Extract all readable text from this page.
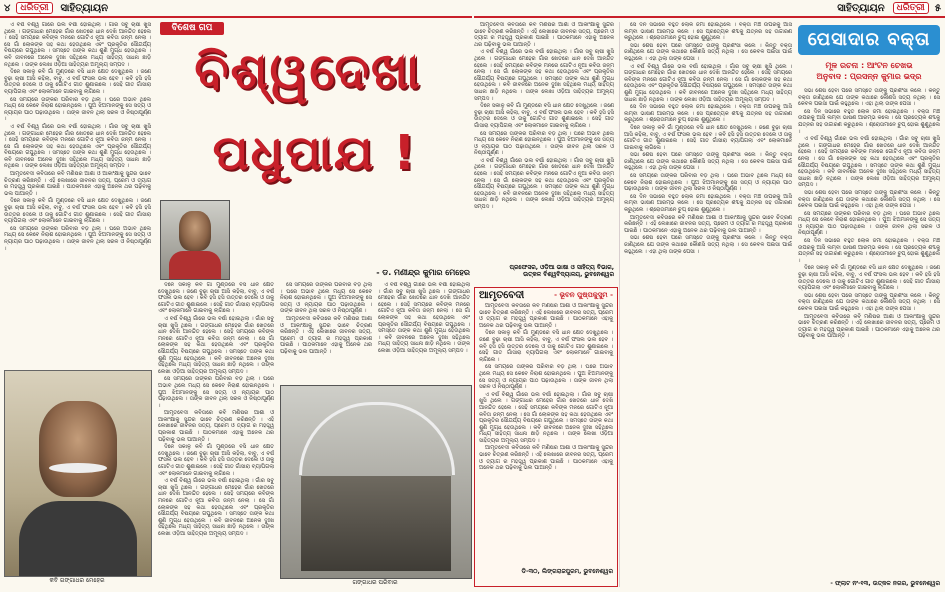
୪	ଧରିତ୍ରୀ	ସାହିତ୍ୟାୟନ	ସାହିତ୍ୟାୟନ	ଧରିତ୍ରୀ	୫

ଏ ବର୍ଷ ବିଶ୍ୱ ଗାଁରେ ଭଲ ବର୍ଷା ହୋଇଥିଲା । ଗାଁର ସବୁ ଚାଷୀ ଖୁସି ଥିଲେ । ଗଙ୍ଗାଧର ମେହେର ଗାଁର ଖେତରେ ଧାନ ଦେଖି ଆନନ୍ଦିତ ହେଲେ । ସେହି ସମୟରେ କବିଙ୍କ ମନରେ ଗୋଟିଏ ନୂଆ କବିତା ଜନ୍ମ ନେଲା । ସେ ଗାଁ ଲୋକଙ୍କ ସହ କଥା ହେଉଥିଲେ ଏବଂ ପ୍ରକୃତିର ସୌନ୍ଦର୍ଯ୍ୟ ବିଷୟରେ ଗପୁଥିଲେ । ସମସ୍ତେ ତାଙ୍କ କଥା ଶୁଣି ମୁଗ୍ଧ ହେଉଥିଲେ । କବି ଜୀବନରେ ଅନେକ ଦୁଃଖ ସହିଥିଲେ ମଧ୍ୟ ସାହିତ୍ୟ ସାଧନା ଛାଡ଼ି ନଥିଲେ । ତାଙ୍କ ଲେଖା ଓଡ଼ିଆ ସାହିତ୍ୟର ଅମୂଲ୍ୟ ସମ୍ପଦ ।

ଦିନେ ସକାଳୁ କବି ଗାଁ ମୁଣ୍ଡରେ ବସି ଧାନ କ୍ଷେତ ଦେଖୁଥିଲେ । ଜଣେ ବୁଢ଼ା ଚାଷୀ ଆସି କହିଲା, ବାବୁ, ଏ ବର୍ଷ ଫସଲ ଭଲ ହେବ । କବି ହସି ହସି ଉତ୍ତର ଦେଲେ ଓ ତାକୁ ଗୋଟିଏ ଗୀତ ଶୁଣାଇଲେ । ସେହି ଗୀତ ଗାଁସାରା ବ୍ୟାପିଗଲା ଏବଂ ଲୋକମାନେ ଗାଇବାକୁ ଲାଗିଲେ ।

ସେ ସମୟରେ ତାଙ୍କର ପରିବାର ବଡ଼ ଥିଲା । ଘରେ ଅଭାବ ଥିଲେ ମଧ୍ୟ ସେ କେବେ ନିରାଶ ହୋଇନଥିଲେ । ପୁଅ ଝିଅମାନଙ୍କୁ ସେ ସତ୍ୟ ଓ ନ୍ୟାୟର ପାଠ ପଢ଼ାଉଥିଲେ । ତାଙ୍କ ଜୀବନ ଥିଲା ସରଳ ଓ ନିଷ୍ଠାପୂର୍ଣ୍ଣ ।

ଏ ବର୍ଷ ବିଶ୍ୱ ଗାଁରେ ଭଲ ବର୍ଷା ହୋଇଥିଲା । ଗାଁର ସବୁ ଚାଷୀ ଖୁସି ଥିଲେ । ଗଙ୍ଗାଧର ମେହେର ଗାଁର ଖେତରେ ଧାନ ଦେଖି ଆନନ୍ଦିତ ହେଲେ । ସେହି ସମୟରେ କବିଙ୍କ ମନରେ ଗୋଟିଏ ନୂଆ କବିତା ଜନ୍ମ ନେଲା । ସେ ଗାଁ ଲୋକଙ୍କ ସହ କଥା ହେଉଥିଲେ ଏବଂ ପ୍ରକୃତିର ସୌନ୍ଦର୍ଯ୍ୟ ବିଷୟରେ ଗପୁଥିଲେ । ସମସ୍ତେ ତାଙ୍କ କଥା ଶୁଣି ମୁଗ୍ଧ ହେଉଥିଲେ । କବି ଜୀବନରେ ଅନେକ ଦୁଃଖ ସହିଥିଲେ ମଧ୍ୟ ସାହିତ୍ୟ ସାଧନା ଛାଡ଼ି ନଥିଲେ । ତାଙ୍କ ଲେଖା ଓଡ଼ିଆ ସାହିତ୍ୟର ଅମୂଲ୍ୟ ସମ୍ପଦ ।

ଆମୃତବେଦୀ କବିତାରେ କବି ମଣିଷର ଆଶା ଓ ଆକାଂକ୍ଷାକୁ ସୁନ୍ଦର ଭାବେ ଚିତ୍ରଣ କରିଛନ୍ତି । ଏହି ଲେଖାରେ ଜୀବନର ସତ୍ୟ, ପ୍ରେମ ଓ ତ୍ୟାଗ ର ମହତ୍ତ୍ୱ ପ୍ରକାଶ ପାଇଛି । ପାଠକମାନେ ଏହାକୁ ଅନେକ ଥର ପଢ଼ିବାକୁ ଭଲ ପାଆନ୍ତି ।

ଦିନେ ସକାଳୁ କବି ଗାଁ ମୁଣ୍ଡରେ ବସି ଧାନ କ୍ଷେତ ଦେଖୁଥିଲେ । ଜଣେ ବୁଢ଼ା ଚାଷୀ ଆସି କହିଲା, ବାବୁ, ଏ ବର୍ଷ ଫସଲ ଭଲ ହେବ । କବି ହସି ହସି ଉତ୍ତର ଦେଲେ ଓ ତାକୁ ଗୋଟିଏ ଗୀତ ଶୁଣାଇଲେ । ସେହି ଗୀତ ଗାଁସାରା ବ୍ୟାପିଗଲା ଏବଂ ଲୋକମାନେ ଗାଇବାକୁ ଲାଗିଲେ ।

ସେ ସମୟରେ ତାଙ୍କର ପରିବାର ବଡ଼ ଥିଲା । ଘରେ ଅଭାବ ଥିଲେ ମଧ୍ୟ ସେ କେବେ ନିରାଶ ହୋଇନଥିଲେ । ପୁଅ ଝିଅମାନଙ୍କୁ ସେ ସତ୍ୟ ଓ ନ୍ୟାୟର ପାଠ ପଢ଼ାଉଥିଲେ । ତାଙ୍କ ଜୀବନ ଥିଲା ସରଳ ଓ ନିଷ୍ଠାପୂର୍ଣ୍ଣ ।

କବି ଗଙ୍ଗାଧର ମେହେର
ବିଶେଷ ଗପ
ବିଶ୍ୱଦେଖା
ପଧୁପାଯ !
- ଡ. ମଣୀନ୍ଦ୍ର କୁମାର ମେହେର

ଦିନେ ସକାଳୁ କବି ଗାଁ ମୁଣ୍ଡରେ ବସି ଧାନ କ୍ଷେତ ଦେଖୁଥିଲେ । ଜଣେ ବୁଢ଼ା ଚାଷୀ ଆସି କହିଲା, ବାବୁ, ଏ ବର୍ଷ ଫସଲ ଭଲ ହେବ । କବି ହସି ହସି ଉତ୍ତର ଦେଲେ ଓ ତାକୁ ଗୋଟିଏ ଗୀତ ଶୁଣାଇଲେ । ସେହି ଗୀତ ଗାଁସାରା ବ୍ୟାପିଗଲା ଏବଂ ଲୋକମାନେ ଗାଇବାକୁ ଲାଗିଲେ ।

ଏ ବର୍ଷ ବିଶ୍ୱ ଗାଁରେ ଭଲ ବର୍ଷା ହୋଇଥିଲା । ଗାଁର ସବୁ ଚାଷୀ ଖୁସି ଥିଲେ । ଗଙ୍ଗାଧର ମେହେର ଗାଁର ଖେତରେ ଧାନ ଦେଖି ଆନନ୍ଦିତ ହେଲେ । ସେହି ସମୟରେ କବିଙ୍କ ମନରେ ଗୋଟିଏ ନୂଆ କବିତା ଜନ୍ମ ନେଲା । ସେ ଗାଁ ଲୋକଙ୍କ ସହ କଥା ହେଉଥିଲେ ଏବଂ ପ୍ରକୃତିର ସୌନ୍ଦର୍ଯ୍ୟ ବିଷୟରେ ଗପୁଥିଲେ । ସମସ୍ତେ ତାଙ୍କ କଥା ଶୁଣି ମୁଗ୍ଧ ହେଉଥିଲେ । କବି ଜୀବନରେ ଅନେକ ଦୁଃଖ ସହିଥିଲେ ମଧ୍ୟ ସାହିତ୍ୟ ସାଧନା ଛାଡ଼ି ନଥିଲେ । ତାଙ୍କ ଲେଖା ଓଡ଼ିଆ ସାହିତ୍ୟର ଅମୂଲ୍ୟ ସମ୍ପଦ ।

ସେ ସମୟରେ ତାଙ୍କର ପରିବାର ବଡ଼ ଥିଲା । ଘରେ ଅଭାବ ଥିଲେ ମଧ୍ୟ ସେ କେବେ ନିରାଶ ହୋଇନଥିଲେ । ପୁଅ ଝିଅମାନଙ୍କୁ ସେ ସତ୍ୟ ଓ ନ୍ୟାୟର ପାଠ ପଢ଼ାଉଥିଲେ । ତାଙ୍କ ଜୀବନ ଥିଲା ସରଳ ଓ ନିଷ୍ଠାପୂର୍ଣ୍ଣ ।

ଆମୃତବେଦୀ କବିତାରେ କବି ମଣିଷର ଆଶା ଓ ଆକାଂକ୍ଷାକୁ ସୁନ୍ଦର ଭାବେ ଚିତ୍ରଣ କରିଛନ୍ତି । ଏହି ଲେଖାରେ ଜୀବନର ସତ୍ୟ, ପ୍ରେମ ଓ ତ୍ୟାଗ ର ମହତ୍ତ୍ୱ ପ୍ରକାଶ ପାଇଛି । ପାଠକମାନେ ଏହାକୁ ଅନେକ ଥର ପଢ଼ିବାକୁ ଭଲ ପାଆନ୍ତି ।

ଦିନେ ସକାଳୁ କବି ଗାଁ ମୁଣ୍ଡରେ ବସି ଧାନ କ୍ଷେତ ଦେଖୁଥିଲେ । ଜଣେ ବୁଢ଼ା ଚାଷୀ ଆସି କହିଲା, ବାବୁ, ଏ ବର୍ଷ ଫସଲ ଭଲ ହେବ । କବି ହସି ହସି ଉତ୍ତର ଦେଲେ ଓ ତାକୁ ଗୋଟିଏ ଗୀତ ଶୁଣାଇଲେ । ସେହି ଗୀତ ଗାଁସାରା ବ୍ୟାପିଗଲା ଏବଂ ଲୋକମାନେ ଗାଇବାକୁ ଲାଗିଲେ ।

ଏ ବର୍ଷ ବିଶ୍ୱ ଗାଁରେ ଭଲ ବର୍ଷା ହୋଇଥିଲା । ଗାଁର ସବୁ ଚାଷୀ ଖୁସି ଥିଲେ । ଗଙ୍ଗାଧର ମେହେର ଗାଁର ଖେତରେ ଧାନ ଦେଖି ଆନନ୍ଦିତ ହେଲେ । ସେହି ସମୟରେ କବିଙ୍କ ମନରେ ଗୋଟିଏ ନୂଆ କବିତା ଜନ୍ମ ନେଲା । ସେ ଗାଁ ଲୋକଙ୍କ ସହ କଥା ହେଉଥିଲେ ଏବଂ ପ୍ରକୃତିର ସୌନ୍ଦର୍ଯ୍ୟ ବିଷୟରେ ଗପୁଥିଲେ । ସମସ୍ତେ ତାଙ୍କ କଥା ଶୁଣି ମୁଗ୍ଧ ହେଉଥିଲେ । କବି ଜୀବନରେ ଅନେକ ଦୁଃଖ ସହିଥିଲେ ମଧ୍ୟ ସାହିତ୍ୟ ସାଧନା ଛାଡ଼ି ନଥିଲେ । ତାଙ୍କ ଲେଖା ଓଡ଼ିଆ ସାହିତ୍ୟର ଅମୂଲ୍ୟ ସମ୍ପଦ ।

ସେ ସମୟରେ ତାଙ୍କର ପରିବାର ବଡ଼ ଥିଲା । ଘରେ ଅଭାବ ଥିଲେ ମଧ୍ୟ ସେ କେବେ ନିରାଶ ହୋଇନଥିଲେ । ପୁଅ ଝିଅମାନଙ୍କୁ ସେ ସତ୍ୟ ଓ ନ୍ୟାୟର ପାଠ ପଢ଼ାଉଥିଲେ । ତାଙ୍କ ଜୀବନ ଥିଲା ସରଳ ଓ ନିଷ୍ଠାପୂର୍ଣ୍ଣ ।

ଆମୃତବେଦୀ କବିତାରେ କବି ମଣିଷର ଆଶା ଓ ଆକାଂକ୍ଷାକୁ ସୁନ୍ଦର ଭାବେ ଚିତ୍ରଣ କରିଛନ୍ତି । ଏହି ଲେଖାରେ ଜୀବନର ସତ୍ୟ, ପ୍ରେମ ଓ ତ୍ୟାଗ ର ମହତ୍ତ୍ୱ ପ୍ରକାଶ ପାଇଛି । ପାଠକମାନେ ଏହାକୁ ଅନେକ ଥର ପଢ଼ିବାକୁ ଭଲ ପାଆନ୍ତି ।

ଏ ବର୍ଷ ବିଶ୍ୱ ଗାଁରେ ଭଲ ବର୍ଷା ହୋଇଥିଲା । ଗାଁର ସବୁ ଚାଷୀ ଖୁସି ଥିଲେ । ଗଙ୍ଗାଧର ମେହେର ଗାଁର ଖେତରେ ଧାନ ଦେଖି ଆନନ୍ଦିତ ହେଲେ । ସେହି ସମୟରେ କବିଙ୍କ ମନରେ ଗୋଟିଏ ନୂଆ କବିତା ଜନ୍ମ ନେଲା । ସେ ଗାଁ ଲୋକଙ୍କ ସହ କଥା ହେଉଥିଲେ ଏବଂ ପ୍ରକୃତିର ସୌନ୍ଦର୍ଯ୍ୟ ବିଷୟରେ ଗପୁଥିଲେ । ସମସ୍ତେ ତାଙ୍କ କଥା ଶୁଣି ମୁଗ୍ଧ ହେଉଥିଲେ । କବି ଜୀବନରେ ଅନେକ ଦୁଃଖ ସହିଥିଲେ ମଧ୍ୟ ସାହିତ୍ୟ ସାଧନା ଛାଡ଼ି ନଥିଲେ । ତାଙ୍କ ଲେଖା ଓଡ଼ିଆ ସାହିତ୍ୟର ଅମୂଲ୍ୟ ସମ୍ପଦ ।

ଗଙ୍ଗାଧର ପରିବାର

ଆମୃତବେଦୀ କବିତାରେ କବି ମଣିଷର ଆଶା ଓ ଆକାଂକ୍ଷାକୁ ସୁନ୍ଦର ଭାବେ ଚିତ୍ରଣ କରିଛନ୍ତି । ଏହି ଲେଖାରେ ଜୀବନର ସତ୍ୟ, ପ୍ରେମ ଓ ତ୍ୟାଗ ର ମହତ୍ତ୍ୱ ପ୍ରକାଶ ପାଇଛି । ପାଠକମାନେ ଏହାକୁ ଅନେକ ଥର ପଢ଼ିବାକୁ ଭଲ ପାଆନ୍ତି ।

ଏ ବର୍ଷ ବିଶ୍ୱ ଗାଁରେ ଭଲ ବର୍ଷା ହୋଇଥିଲା । ଗାଁର ସବୁ ଚାଷୀ ଖୁସି ଥିଲେ । ଗଙ୍ଗାଧର ମେହେର ଗାଁର ଖେତରେ ଧାନ ଦେଖି ଆନନ୍ଦିତ ହେଲେ । ସେହି ସମୟରେ କବିଙ୍କ ମନରେ ଗୋଟିଏ ନୂଆ କବିତା ଜନ୍ମ ନେଲା । ସେ ଗାଁ ଲୋକଙ୍କ ସହ କଥା ହେଉଥିଲେ ଏବଂ ପ୍ରକୃତିର ସୌନ୍ଦର୍ଯ୍ୟ ବିଷୟରେ ଗପୁଥିଲେ । ସମସ୍ତେ ତାଙ୍କ କଥା ଶୁଣି ମୁଗ୍ଧ ହେଉଥିଲେ । କବି ଜୀବନରେ ଅନେକ ଦୁଃଖ ସହିଥିଲେ ମଧ୍ୟ ସାହିତ୍ୟ ସାଧନା ଛାଡ଼ି ନଥିଲେ । ତାଙ୍କ ଲେଖା ଓଡ଼ିଆ ସାହିତ୍ୟର ଅମୂଲ୍ୟ ସମ୍ପଦ ।

ଦିନେ ସକାଳୁ କବି ଗାଁ ମୁଣ୍ଡରେ ବସି ଧାନ କ୍ଷେତ ଦେଖୁଥିଲେ । ଜଣେ ବୁଢ଼ା ଚାଷୀ ଆସି କହିଲା, ବାବୁ, ଏ ବର୍ଷ ଫସଲ ଭଲ ହେବ । କବି ହସି ହସି ଉତ୍ତର ଦେଲେ ଓ ତାକୁ ଗୋଟିଏ ଗୀତ ଶୁଣାଇଲେ । ସେହି ଗୀତ ଗାଁସାରା ବ୍ୟାପିଗଲା ଏବଂ ଲୋକମାନେ ଗାଇବାକୁ ଲାଗିଲେ ।

ସେ ସମୟରେ ତାଙ୍କର ପରିବାର ବଡ଼ ଥିଲା । ଘରେ ଅଭାବ ଥିଲେ ମଧ୍ୟ ସେ କେବେ ନିରାଶ ହୋଇନଥିଲେ । ପୁଅ ଝିଅମାନଙ୍କୁ ସେ ସତ୍ୟ ଓ ନ୍ୟାୟର ପାଠ ପଢ଼ାଉଥିଲେ । ତାଙ୍କ ଜୀବନ ଥିଲା ସରଳ ଓ ନିଷ୍ଠାପୂର୍ଣ୍ଣ ।

ଏ ବର୍ଷ ବିଶ୍ୱ ଗାଁରେ ଭଲ ବର୍ଷା ହୋଇଥିଲା । ଗାଁର ସବୁ ଚାଷୀ ଖୁସି ଥିଲେ । ଗଙ୍ଗାଧର ମେହେର ଗାଁର ଖେତରେ ଧାନ ଦେଖି ଆନନ୍ଦିତ ହେଲେ । ସେହି ସମୟରେ କବିଙ୍କ ମନରେ ଗୋଟିଏ ନୂଆ କବିତା ଜନ୍ମ ନେଲା । ସେ ଗାଁ ଲୋକଙ୍କ ସହ କଥା ହେଉଥିଲେ ଏବଂ ପ୍ରକୃତିର ସୌନ୍ଦର୍ଯ୍ୟ ବିଷୟରେ ଗପୁଥିଲେ । ସମସ୍ତେ ତାଙ୍କ କଥା ଶୁଣି ମୁଗ୍ଧ ହେଉଥିଲେ । କବି ଜୀବନରେ ଅନେକ ଦୁଃଖ ସହିଥିଲେ ମଧ୍ୟ ସାହିତ୍ୟ ସାଧନା ଛାଡ଼ି ନଥିଲେ । ତାଙ୍କ ଲେଖା ଓଡ଼ିଆ ସାହିତ୍ୟର ଅମୂଲ୍ୟ ସମ୍ପଦ ।

ପ୍ରଫେସର, ଓଡ଼ିଆ ଭାଷା ଓ ସାହିତ୍ୟ ବିଭାଗ,
ଉତ୍କଳ ବିଶ୍ୱବିଦ୍ୟାଳୟ, ଭୁବନେଶ୍ୱର
ଆମୃତବେଦୀ	- ଭୂବନ ପୁଷ୍ପକୁସୁମ -

ଆମୃତବେଦୀ କବିତାରେ କବି ମଣିଷର ଆଶା ଓ ଆକାଂକ୍ଷାକୁ ସୁନ୍ଦର ଭାବେ ଚିତ୍ରଣ କରିଛନ୍ତି । ଏହି ଲେଖାରେ ଜୀବନର ସତ୍ୟ, ପ୍ରେମ ଓ ତ୍ୟାଗ ର ମହତ୍ତ୍ୱ ପ୍ରକାଶ ପାଇଛି । ପାଠକମାନେ ଏହାକୁ ଅନେକ ଥର ପଢ଼ିବାକୁ ଭଲ ପାଆନ୍ତି ।

ଦିନେ ସକାଳୁ କବି ଗାଁ ମୁଣ୍ଡରେ ବସି ଧାନ କ୍ଷେତ ଦେଖୁଥିଲେ । ଜଣେ ବୁଢ଼ା ଚାଷୀ ଆସି କହିଲା, ବାବୁ, ଏ ବର୍ଷ ଫସଲ ଭଲ ହେବ । କବି ହସି ହସି ଉତ୍ତର ଦେଲେ ଓ ତାକୁ ଗୋଟିଏ ଗୀତ ଶୁଣାଇଲେ । ସେହି ଗୀତ ଗାଁସାରା ବ୍ୟାପିଗଲା ଏବଂ ଲୋକମାନେ ଗାଇବାକୁ ଲାଗିଲେ ।

ସେ ସମୟରେ ତାଙ୍କର ପରିବାର ବଡ଼ ଥିଲା । ଘରେ ଅଭାବ ଥିଲେ ମଧ୍ୟ ସେ କେବେ ନିରାଶ ହୋଇନଥିଲେ । ପୁଅ ଝିଅମାନଙ୍କୁ ସେ ସତ୍ୟ ଓ ନ୍ୟାୟର ପାଠ ପଢ଼ାଉଥିଲେ । ତାଙ୍କ ଜୀବନ ଥିଲା ସରଳ ଓ ନିଷ୍ଠାପୂର୍ଣ୍ଣ ।

ଏ ବର୍ଷ ବିଶ୍ୱ ଗାଁରେ ଭଲ ବର୍ଷା ହୋଇଥିଲା । ଗାଁର ସବୁ ଚାଷୀ ଖୁସି ଥିଲେ । ଗଙ୍ଗାଧର ମେହେର ଗାଁର ଖେତରେ ଧାନ ଦେଖି ଆନନ୍ଦିତ ହେଲେ । ସେହି ସମୟରେ କବିଙ୍କ ମନରେ ଗୋଟିଏ ନୂଆ କବିତା ଜନ୍ମ ନେଲା । ସେ ଗାଁ ଲୋକଙ୍କ ସହ କଥା ହେଉଥିଲେ ଏବଂ ପ୍ରକୃତିର ସୌନ୍ଦର୍ଯ୍ୟ ବିଷୟରେ ଗପୁଥିଲେ । ସମସ୍ତେ ତାଙ୍କ କଥା ଶୁଣି ମୁଗ୍ଧ ହେଉଥିଲେ । କବି ଜୀବନରେ ଅନେକ ଦୁଃଖ ସହିଥିଲେ ମଧ୍ୟ ସାହିତ୍ୟ ସାଧନା ଛାଡ଼ି ନଥିଲେ । ତାଙ୍କ ଲେଖା ଓଡ଼ିଆ ସାହିତ୍ୟର ଅମୂଲ୍ୟ ସମ୍ପଦ ।

ଆମୃତବେଦୀ କବିତାରେ କବି ମଣିଷର ଆଶା ଓ ଆକାଂକ୍ଷାକୁ ସୁନ୍ଦର ଭାବେ ଚିତ୍ରଣ କରିଛନ୍ତି । ଏହି ଲେଖାରେ ଜୀବନର ସତ୍ୟ, ପ୍ରେମ ଓ ତ୍ୟାଗ ର ମହତ୍ତ୍ୱ ପ୍ରକାଶ ପାଇଛି । ପାଠକମାନେ ଏହାକୁ ଅନେକ ଥର ପଢ଼ିବାକୁ ଭଲ ପାଆନ୍ତି ।

ଡି-୩୦, ଲିଙ୍ଗରାଜପୁରମ, ଭୁବନେଶ୍ୱର

ସେ ଦିନ ସଭାରେ ବହୁତ ଲୋକ ଜମା ହୋଇଥିଲେ । ବକ୍ତା ମଞ୍ଚ ଉପରକୁ ଆସି ଲମ୍ବା ଭାଷଣ ଆରମ୍ଭ କଲେ । ସେ ପ୍ରତ୍ୟେକ ଶବ୍ଦକୁ ଯତ୍ନର ସହ ଉଚ୍ଚାରଣ କରୁଥିଲେ । ଶ୍ରୋତାମାନେ ଚୁପ୍ ହୋଇ ଶୁଣୁଥିଲେ ।

ସଭା ଶେଷ ହେବା ପରେ ସମସ୍ତେ ତାଙ୍କୁ ପ୍ରଶଂସା କଲେ । କିନ୍ତୁ ବକ୍ତା ଜାଣିଥିଲେ ଯେ ତାଙ୍କ କଥାରେ କୌଣସି ସତ୍ୟ ନଥିଲା । ସେ କେବଳ ପଇସା ପାଇଁ କହୁଥିଲେ । ଏହା ଥିଲା ତାଙ୍କ ପେସା ।

ଏ ବର୍ଷ ବିଶ୍ୱ ଗାଁରେ ଭଲ ବର୍ଷା ହୋଇଥିଲା । ଗାଁର ସବୁ ଚାଷୀ ଖୁସି ଥିଲେ । ଗଙ୍ଗାଧର ମେହେର ଗାଁର ଖେତରେ ଧାନ ଦେଖି ଆନନ୍ଦିତ ହେଲେ । ସେହି ସମୟରେ କବିଙ୍କ ମନରେ ଗୋଟିଏ ନୂଆ କବିତା ଜନ୍ମ ନେଲା । ସେ ଗାଁ ଲୋକଙ୍କ ସହ କଥା ହେଉଥିଲେ ଏବଂ ପ୍ରକୃତିର ସୌନ୍ଦର୍ଯ୍ୟ ବିଷୟରେ ଗପୁଥିଲେ । ସମସ୍ତେ ତାଙ୍କ କଥା ଶୁଣି ମୁଗ୍ଧ ହେଉଥିଲେ । କବି ଜୀବନରେ ଅନେକ ଦୁଃଖ ସହିଥିଲେ ମଧ୍ୟ ସାହିତ୍ୟ ସାଧନା ଛାଡ଼ି ନଥିଲେ । ତାଙ୍କ ଲେଖା ଓଡ଼ିଆ ସାହିତ୍ୟର ଅମୂଲ୍ୟ ସମ୍ପଦ ।

ସେ ଦିନ ସଭାରେ ବହୁତ ଲୋକ ଜମା ହୋଇଥିଲେ । ବକ୍ତା ମଞ୍ଚ ଉପରକୁ ଆସି ଲମ୍ବା ଭାଷଣ ଆରମ୍ଭ କଲେ । ସେ ପ୍ରତ୍ୟେକ ଶବ୍ଦକୁ ଯତ୍ନର ସହ ଉଚ୍ଚାରଣ କରୁଥିଲେ । ଶ୍ରୋତାମାନେ ଚୁପ୍ ହୋଇ ଶୁଣୁଥିଲେ ।

ଦିନେ ସକାଳୁ କବି ଗାଁ ମୁଣ୍ଡରେ ବସି ଧାନ କ୍ଷେତ ଦେଖୁଥିଲେ । ଜଣେ ବୁଢ଼ା ଚାଷୀ ଆସି କହିଲା, ବାବୁ, ଏ ବର୍ଷ ଫସଲ ଭଲ ହେବ । କବି ହସି ହସି ଉତ୍ତର ଦେଲେ ଓ ତାକୁ ଗୋଟିଏ ଗୀତ ଶୁଣାଇଲେ । ସେହି ଗୀତ ଗାଁସାରା ବ୍ୟାପିଗଲା ଏବଂ ଲୋକମାନେ ଗାଇବାକୁ ଲାଗିଲେ ।

ସଭା ଶେଷ ହେବା ପରେ ସମସ୍ତେ ତାଙ୍କୁ ପ୍ରଶଂସା କଲେ । କିନ୍ତୁ ବକ୍ତା ଜାଣିଥିଲେ ଯେ ତାଙ୍କ କଥାରେ କୌଣସି ସତ୍ୟ ନଥିଲା । ସେ କେବଳ ପଇସା ପାଇଁ କହୁଥିଲେ । ଏହା ଥିଲା ତାଙ୍କ ପେସା ।

ସେ ସମୟରେ ତାଙ୍କର ପରିବାର ବଡ଼ ଥିଲା । ଘରେ ଅଭାବ ଥିଲେ ମଧ୍ୟ ସେ କେବେ ନିରାଶ ହୋଇନଥିଲେ । ପୁଅ ଝିଅମାନଙ୍କୁ ସେ ସତ୍ୟ ଓ ନ୍ୟାୟର ପାଠ ପଢ଼ାଉଥିଲେ । ତାଙ୍କ ଜୀବନ ଥିଲା ସରଳ ଓ ନିଷ୍ଠାପୂର୍ଣ୍ଣ ।

ସେ ଦିନ ସଭାରେ ବହୁତ ଲୋକ ଜମା ହୋଇଥିଲେ । ବକ୍ତା ମଞ୍ଚ ଉପରକୁ ଆସି ଲମ୍ବା ଭାଷଣ ଆରମ୍ଭ କଲେ । ସେ ପ୍ରତ୍ୟେକ ଶବ୍ଦକୁ ଯତ୍ନର ସହ ଉଚ୍ଚାରଣ କରୁଥିଲେ । ଶ୍ରୋତାମାନେ ଚୁପ୍ ହୋଇ ଶୁଣୁଥିଲେ ।

ଆମୃତବେଦୀ କବିତାରେ କବି ମଣିଷର ଆଶା ଓ ଆକାଂକ୍ଷାକୁ ସୁନ୍ଦର ଭାବେ ଚିତ୍ରଣ କରିଛନ୍ତି । ଏହି ଲେଖାରେ ଜୀବନର ସତ୍ୟ, ପ୍ରେମ ଓ ତ୍ୟାଗ ର ମହତ୍ତ୍ୱ ପ୍ରକାଶ ପାଇଛି । ପାଠକମାନେ ଏହାକୁ ଅନେକ ଥର ପଢ଼ିବାକୁ ଭଲ ପାଆନ୍ତି ।

ସଭା ଶେଷ ହେବା ପରେ ସମସ୍ତେ ତାଙ୍କୁ ପ୍ରଶଂସା କଲେ । କିନ୍ତୁ ବକ୍ତା ଜାଣିଥିଲେ ଯେ ତାଙ୍କ କଥାରେ କୌଣସି ସତ୍ୟ ନଥିଲା । ସେ କେବଳ ପଇସା ପାଇଁ କହୁଥିଲେ । ଏହା ଥିଲା ତାଙ୍କ ପେସା ।

ପେସାଦାର ବକ୍ତା
ମୂଳ ରଚନା : ଆଂଟନ ଚେଖଭ
ଅନୁବାଦ : ପ୍ରସନ୍ନ କୁମାର ଭଦ୍ର

ସଭା ଶେଷ ହେବା ପରେ ସମସ୍ତେ ତାଙ୍କୁ ପ୍ରଶଂସା କଲେ । କିନ୍ତୁ ବକ୍ତା ଜାଣିଥିଲେ ଯେ ତାଙ୍କ କଥାରେ କୌଣସି ସତ୍ୟ ନଥିଲା । ସେ କେବଳ ପଇସା ପାଇଁ କହୁଥିଲେ । ଏହା ଥିଲା ତାଙ୍କ ପେସା ।

ସେ ଦିନ ସଭାରେ ବହୁତ ଲୋକ ଜମା ହୋଇଥିଲେ । ବକ୍ତା ମଞ୍ଚ ଉପରକୁ ଆସି ଲମ୍ବା ଭାଷଣ ଆରମ୍ଭ କଲେ । ସେ ପ୍ରତ୍ୟେକ ଶବ୍ଦକୁ ଯତ୍ନର ସହ ଉଚ୍ଚାରଣ କରୁଥିଲେ । ଶ୍ରୋତାମାନେ ଚୁପ୍ ହୋଇ ଶୁଣୁଥିଲେ ।

ଏ ବର୍ଷ ବିଶ୍ୱ ଗାଁରେ ଭଲ ବର୍ଷା ହୋଇଥିଲା । ଗାଁର ସବୁ ଚାଷୀ ଖୁସି ଥିଲେ । ଗଙ୍ଗାଧର ମେହେର ଗାଁର ଖେତରେ ଧାନ ଦେଖି ଆନନ୍ଦିତ ହେଲେ । ସେହି ସମୟରେ କବିଙ୍କ ମନରେ ଗୋଟିଏ ନୂଆ କବିତା ଜନ୍ମ ନେଲା । ସେ ଗାଁ ଲୋକଙ୍କ ସହ କଥା ହେଉଥିଲେ ଏବଂ ପ୍ରକୃତିର ସୌନ୍ଦର୍ଯ୍ୟ ବିଷୟରେ ଗପୁଥିଲେ । ସମସ୍ତେ ତାଙ୍କ କଥା ଶୁଣି ମୁଗ୍ଧ ହେଉଥିଲେ । କବି ଜୀବନରେ ଅନେକ ଦୁଃଖ ସହିଥିଲେ ମଧ୍ୟ ସାହିତ୍ୟ ସାଧନା ଛାଡ଼ି ନଥିଲେ । ତାଙ୍କ ଲେଖା ଓଡ଼ିଆ ସାହିତ୍ୟର ଅମୂଲ୍ୟ ସମ୍ପଦ ।

ସଭା ଶେଷ ହେବା ପରେ ସମସ୍ତେ ତାଙ୍କୁ ପ୍ରଶଂସା କଲେ । କିନ୍ତୁ ବକ୍ତା ଜାଣିଥିଲେ ଯେ ତାଙ୍କ କଥାରେ କୌଣସି ସତ୍ୟ ନଥିଲା । ସେ କେବଳ ପଇସା ପାଇଁ କହୁଥିଲେ । ଏହା ଥିଲା ତାଙ୍କ ପେସା ।

ସେ ସମୟରେ ତାଙ୍କର ପରିବାର ବଡ଼ ଥିଲା । ଘରେ ଅଭାବ ଥିଲେ ମଧ୍ୟ ସେ କେବେ ନିରାଶ ହୋଇନଥିଲେ । ପୁଅ ଝିଅମାନଙ୍କୁ ସେ ସତ୍ୟ ଓ ନ୍ୟାୟର ପାଠ ପଢ଼ାଉଥିଲେ । ତାଙ୍କ ଜୀବନ ଥିଲା ସରଳ ଓ ନିଷ୍ଠାପୂର୍ଣ୍ଣ ।

ସେ ଦିନ ସଭାରେ ବହୁତ ଲୋକ ଜମା ହୋଇଥିଲେ । ବକ୍ତା ମଞ୍ଚ ଉପରକୁ ଆସି ଲମ୍ବା ଭାଷଣ ଆରମ୍ଭ କଲେ । ସେ ପ୍ରତ୍ୟେକ ଶବ୍ଦକୁ ଯତ୍ନର ସହ ଉଚ୍ଚାରଣ କରୁଥିଲେ । ଶ୍ରୋତାମାନେ ଚୁପ୍ ହୋଇ ଶୁଣୁଥିଲେ ।

ଦିନେ ସକାଳୁ କବି ଗାଁ ମୁଣ୍ଡରେ ବସି ଧାନ କ୍ଷେତ ଦେଖୁଥିଲେ । ଜଣେ ବୁଢ଼ା ଚାଷୀ ଆସି କହିଲା, ବାବୁ, ଏ ବର୍ଷ ଫସଲ ଭଲ ହେବ । କବି ହସି ହସି ଉତ୍ତର ଦେଲେ ଓ ତାକୁ ଗୋଟିଏ ଗୀତ ଶୁଣାଇଲେ । ସେହି ଗୀତ ଗାଁସାରା ବ୍ୟାପିଗଲା ଏବଂ ଲୋକମାନେ ଗାଇବାକୁ ଲାଗିଲେ ।

ସଭା ଶେଷ ହେବା ପରେ ସମସ୍ତେ ତାଙ୍କୁ ପ୍ରଶଂସା କଲେ । କିନ୍ତୁ ବକ୍ତା ଜାଣିଥିଲେ ଯେ ତାଙ୍କ କଥାରେ କୌଣସି ସତ୍ୟ ନଥିଲା । ସେ କେବଳ ପଇସା ପାଇଁ କହୁଥିଲେ । ଏହା ଥିଲା ତାଙ୍କ ପେସା ।

ଆମୃତବେଦୀ କବିତାରେ କବି ମଣିଷର ଆଶା ଓ ଆକାଂକ୍ଷାକୁ ସୁନ୍ଦର ଭାବେ ଚିତ୍ରଣ କରିଛନ୍ତି । ଏହି ଲେଖାରେ ଜୀବନର ସତ୍ୟ, ପ୍ରେମ ଓ ତ୍ୟାଗ ର ମହତ୍ତ୍ୱ ପ୍ରକାଶ ପାଇଛି । ପାଠକମାନେ ଏହାକୁ ଅନେକ ଥର ପଢ଼ିବାକୁ ଭଲ ପାଆନ୍ତି ।

- ଫ୍ଲାଟ ନଂ-୧୩, ଉତ୍କଳ ନଗର, ଭୁବନେଶ୍ୱର
